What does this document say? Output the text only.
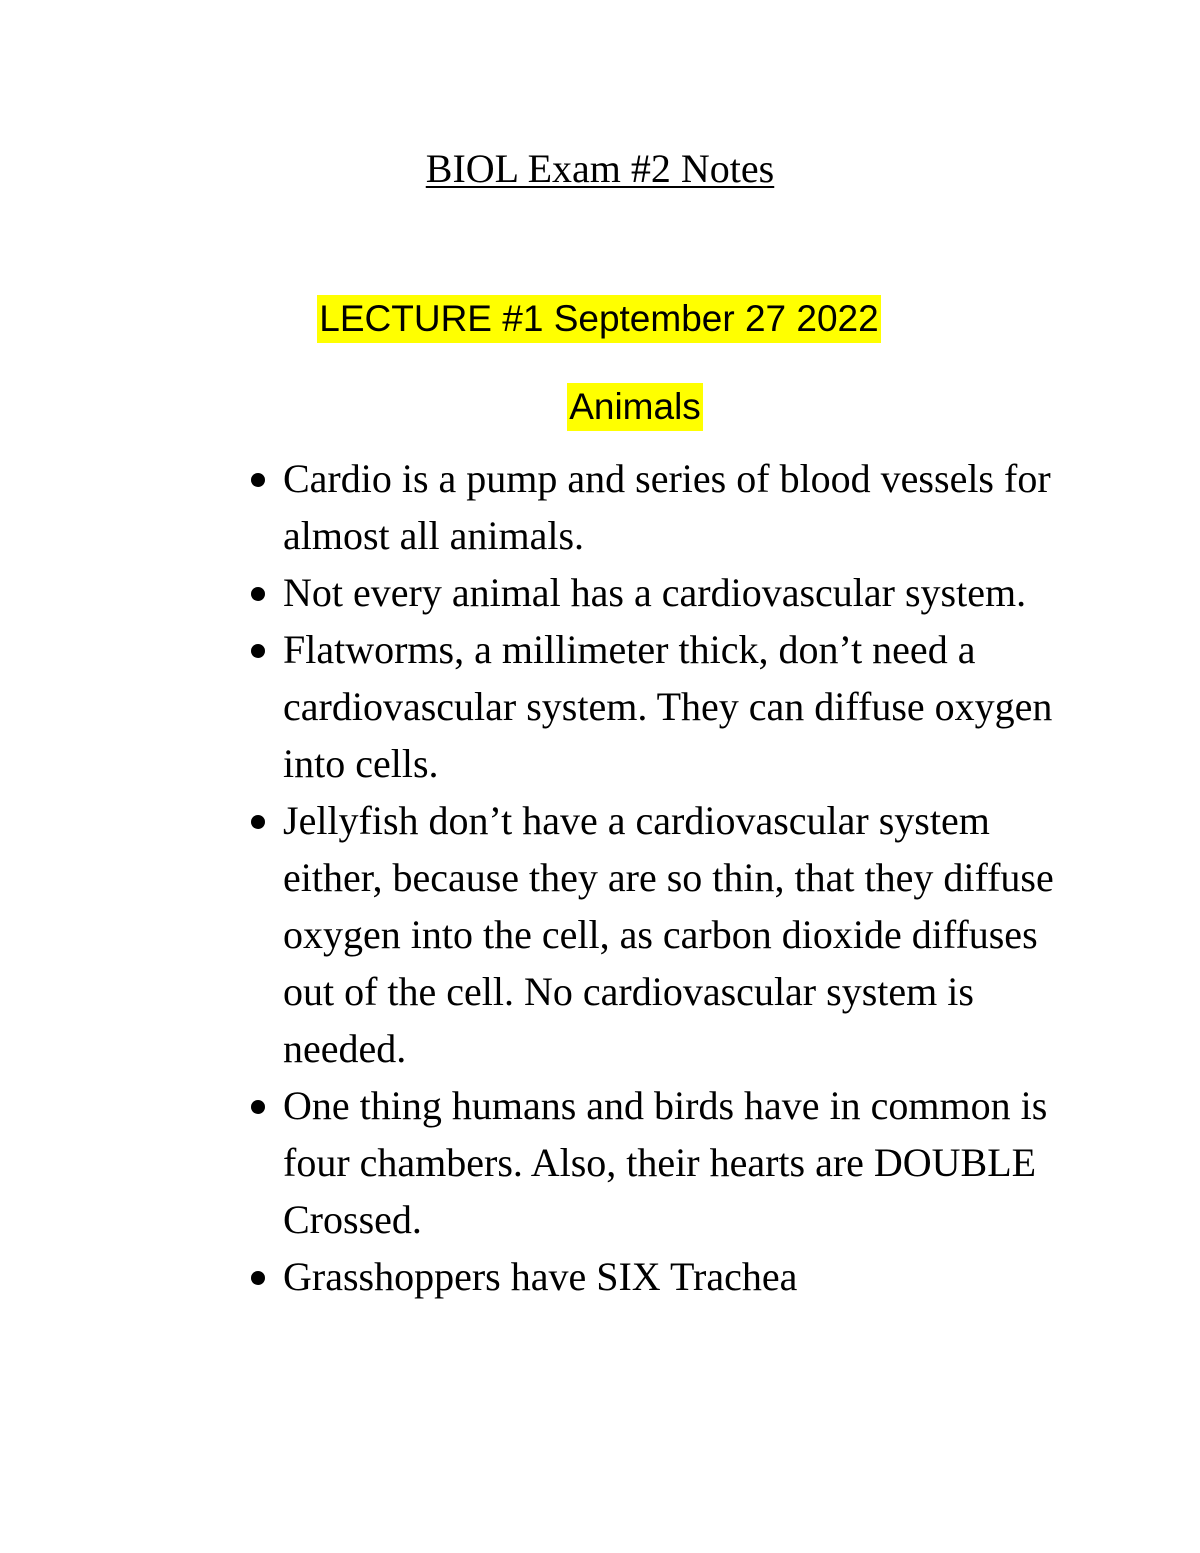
BIOL Exam #2 Notes
LECTURE #1 September 27 2022
Animals
Cardio is a pump and series of blood vessels for almost all animals.
Not every animal has a cardiovascular system.
Flatworms, a millimeter thick, don’t need a cardiovascular system. They can diffuse oxygen into cells.
Jellyfish don’t have a cardiovascular system either, because they are so thin, that they diffuse oxygen into the cell, as carbon dioxide diffuses out of the cell. No cardiovascular system is needed.
One thing humans and birds have in common is four chambers. Also, their hearts are DOUBLE Crossed.
Grasshoppers have SIX Trachea
